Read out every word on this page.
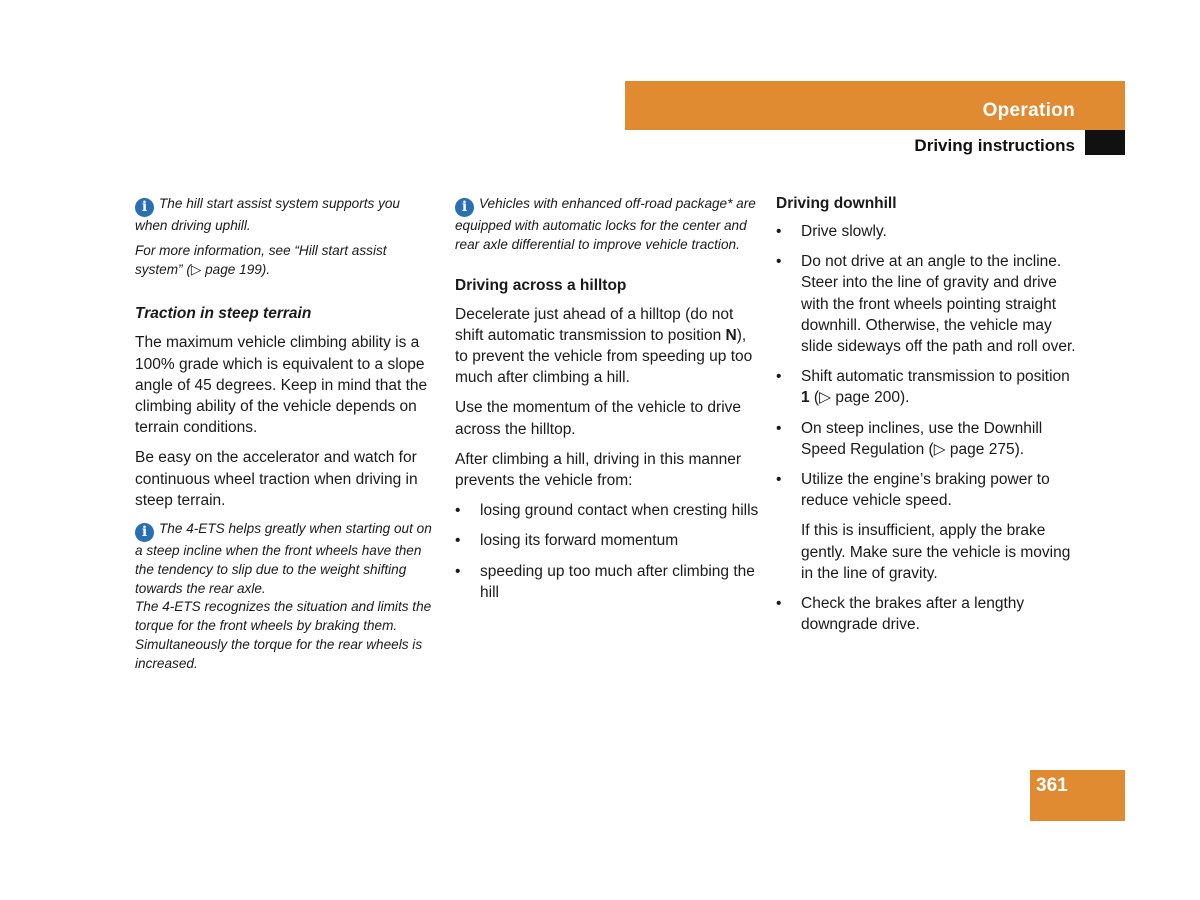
Operation
Driving instructions

i The hill start assist system supports you when driving uphill.

For more information, see “Hill start assist system” (▷ page 199).

Traction in steep terrain

The maximum vehicle climbing ability is a 100% grade which is equivalent to a slope angle of 45 degrees. Keep in mind that the climbing ability of the vehicle depends on terrain conditions.

Be easy on the accelerator and watch for continuous wheel traction when driving in steep terrain.

i The 4-ETS helps greatly when starting out on a steep incline when the front wheels have then the tendency to slip due to the weight shifting towards the rear axle.

The 4-ETS recognizes the situation and limits the torque for the front wheels by braking them. Simultaneously the torque for the rear wheels is increased.

i Vehicles with enhanced off-road package* are equipped with automatic locks for the center and rear axle differential to improve vehicle traction.

Driving across a hilltop

Decelerate just ahead of a hilltop (do not shift automatic transmission to position N), to prevent the vehicle from speeding up too much after climbing a hill.

Use the momentum of the vehicle to drive across the hilltop.

After climbing a hill, driving in this manner prevents the vehicle from:

• losing ground contact when cresting hills
• losing its forward momentum
• speeding up too much after climbing the hill

Driving downhill

• Drive slowly.
• Do not drive at an angle to the incline. Steer into the line of gravity and drive with the front wheels pointing straight downhill. Otherwise, the vehicle may slide sideways off the path and roll over.
• Shift automatic transmission to position 1 (▷ page 200).
• On steep inclines, use the Downhill Speed Regulation (▷ page 275).
• Utilize the engine’s braking power to reduce vehicle speed.
If this is insufficient, apply the brake gently. Make sure the vehicle is moving in the line of gravity.
• Check the brakes after a lengthy downgrade drive.
361
